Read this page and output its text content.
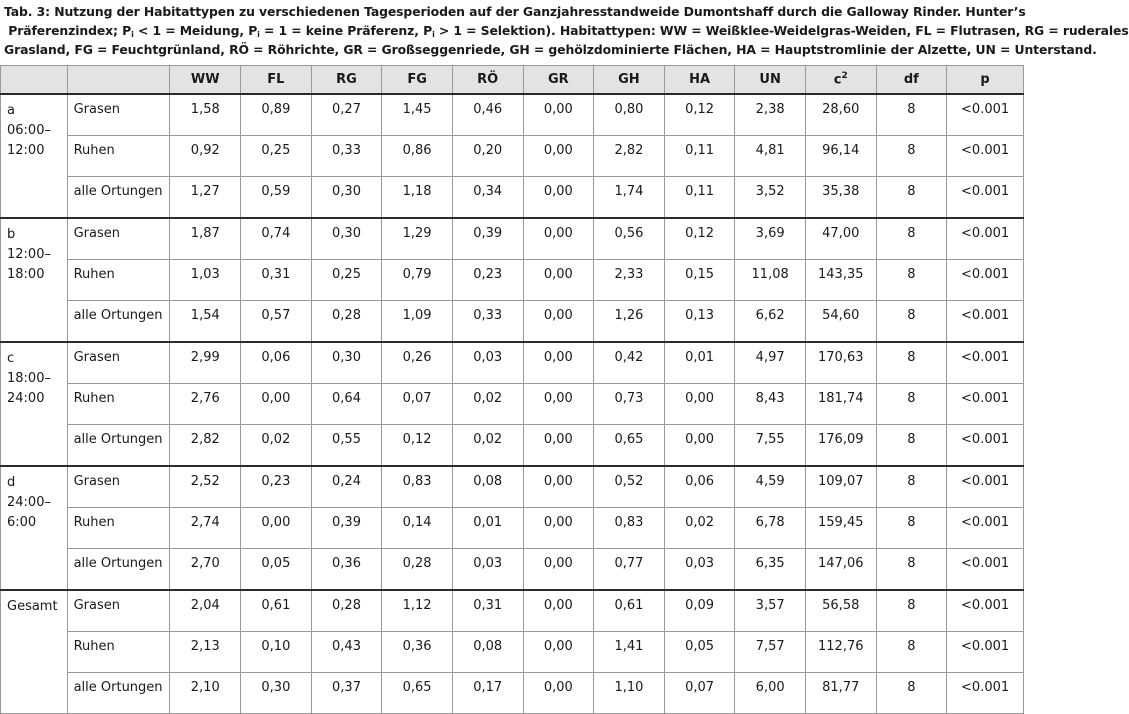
Tab. 3: Nutzung der Habitattypen zu verschiedenen Tagesperioden auf der Ganzjahresstandweide Dumontshaff durch die Galloway Rinder. Hunter’s
Präferenzindex; $P_i < 1$ = Meidung, $P_i = 1$ = keine Präferenz, $P_i > 1$ = Selektion). Habitattypen: WW = Weißklee-Weidelgras-Weiden, FL = Flutrasen, RG = ruderales
Grasland, FG = Feuchtgrünland, RÖ = Röhrichte, GR = Großseggenriede, GH = gehölzdominierte Flächen, HA = Hauptstromlinie der Alzette, UN = Unterstand.
		WW	FL	RG	FG	RÖ	GR	GH	HA	UN	$c^2$	df	p
a
06:00–
12:00	Grasen	1,58	0,89	0,27	1,45	0,46	0,00	0,80	0,12	2,38	28,60	8	<0.001
	Ruhen	0,92	0,25	0,33	0,86	0,20	0,00	2,82	0,11	4,81	96,14	8	<0.001
	alle Ortungen	1,27	0,59	0,30	1,18	0,34	0,00	1,74	0,11	3,52	35,38	8	<0.001
b
12:00–
18:00	Grasen	1,87	0,74	0,30	1,29	0,39	0,00	0,56	0,12	3,69	47,00	8	<0.001
	Ruhen	1,03	0,31	0,25	0,79	0,23	0,00	2,33	0,15	11,08	143,35	8	<0.001
	alle Ortungen	1,54	0,57	0,28	1,09	0,33	0,00	1,26	0,13	6,62	54,60	8	<0.001
c
18:00–
24:00	Grasen	2,99	0,06	0,30	0,26	0,03	0,00	0,42	0,01	4,97	170,63	8	<0.001
	Ruhen	2,76	0,00	0,64	0,07	0,02	0,00	0,73	0,00	8,43	181,74	8	<0.001
	alle Ortungen	2,82	0,02	0,55	0,12	0,02	0,00	0,65	0,00	7,55	176,09	8	<0.001
d
24:00–
6:00	Grasen	2,52	0,23	0,24	0,83	0,08	0,00	0,52	0,06	4,59	109,07	8	<0.001
	Ruhen	2,74	0,00	0,39	0,14	0,01	0,00	0,83	0,02	6,78	159,45	8	<0.001
	alle Ortungen	2,70	0,05	0,36	0,28	0,03	0,00	0,77	0,03	6,35	147,06	8	<0.001
Gesamt	Grasen	2,04	0,61	0,28	1,12	0,31	0,00	0,61	0,09	3,57	56,58	8	<0.001
	Ruhen	2,13	0,10	0,43	0,36	0,08	0,00	1,41	0,05	7,57	112,76	8	<0.001
	alle Ortungen	2,10	0,30	0,37	0,65	0,17	0,00	1,10	0,07	6,00	81,77	8	<0.001
